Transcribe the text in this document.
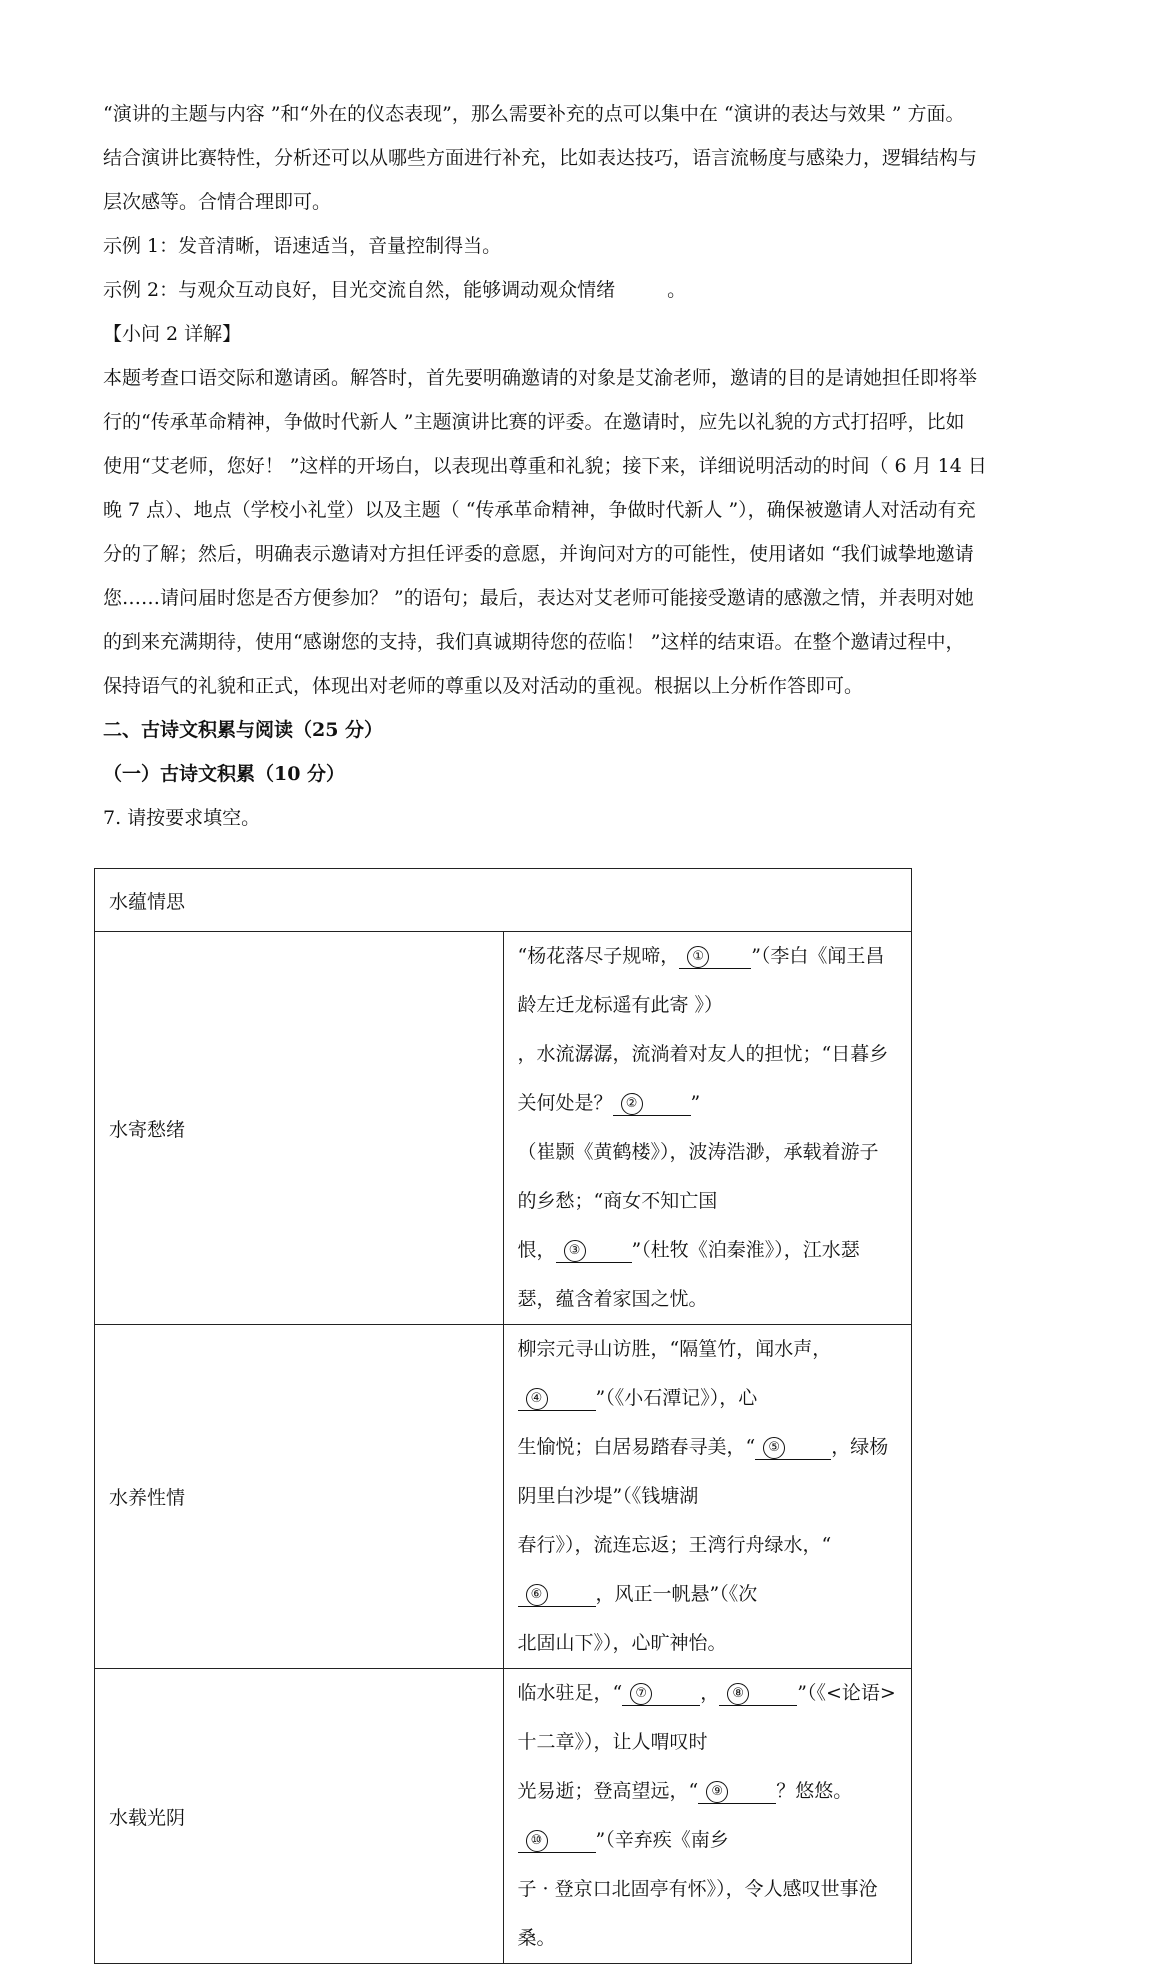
“演讲的主题与内容 ”和“外在的仪态表现”，那么需要补充的点可以集中在 “演讲的表达与效果 ” 方面。

结合演讲比赛特性，分析还可以从哪些方面进行补充，比如表达技巧，语言流畅度与感染力，逻辑结构与

层次感等。合情合理即可。

示例 1：发音清晰，语速适当，音量控制得当。

示例 2：与观众互动良好，目光交流自然，能够调动观众情绪	。

【小问 2 详解】

本题考查口语交际和邀请函。解答时，首先要明确邀请的对象是艾渝老师，邀请的目的是请她担任即将举

行的“传承革命精神，争做时代新人 ”主题演讲比赛的评委。在邀请时，应先以礼貌的方式打招呼，比如

使用“艾老师，您好！ ”这样的开场白，以表现出尊重和礼貌；接下来，详细说明活动的时间（ 6 月 14 日

晚 7 点）、地点（学校小礼堂）以及主题（ “传承革命精神，争做时代新人 ”），确保被邀请人对活动有充

分的了解；然后，明确表示邀请对方担任评委的意愿，并询问对方的可能性，使用诸如 “我们诚挚地邀请

您……请问届时您是否方便参加？ ”的语句；最后，表达对艾老师可能接受邀请的感激之情，并表明对她

的到来充满期待，使用“感谢您的支持，我们真诚期待您的莅临！ ”这样的结束语。在整个邀请过程中，

保持语气的礼貌和正式，体现出对老师的尊重以及对活动的重视。根据以上分析作答即可。

二、古诗文积累与阅读（25 分）

（一）古诗文积累（10 分）

7. 请按要求填空。

水蕴情思	
水寄愁绪	“杨花落尽子规啼， ① ”（李白《闻王昌龄左迁龙标遥有此寄 》）
，水流潺潺，流淌着对友人的担忧；“日暮乡关何处是？ ② ”
（崔颢《黄鹤楼》），波涛浩渺，承载着游子的乡愁；“商女不知亡国
恨， ③ ”（杜牧《泊秦淮》），江水瑟瑟，蕴含着家国之忧。
水养性情	柳宗元寻山访胜，“隔篁竹，闻水声，④ ”（《小石潭记》），心
生愉悦；白居易踏春寻美，“ ⑤ ，绿杨阴里白沙堤”（《钱塘湖
春行》），流连忘返；王湾行舟绿水，“⑥ ，风正一帆悬”（《次
北固山下》），心旷神怡。
水载光阴	临水驻足，“ ⑦ ， ⑧ ”（《<论语>十二章》），让人喟叹时
光易逝；登高望远，“ ⑨ ？悠悠。⑩ ”（辛弃疾《南乡
子 · 登京口北固亭有怀》），令人感叹世事沧桑。
